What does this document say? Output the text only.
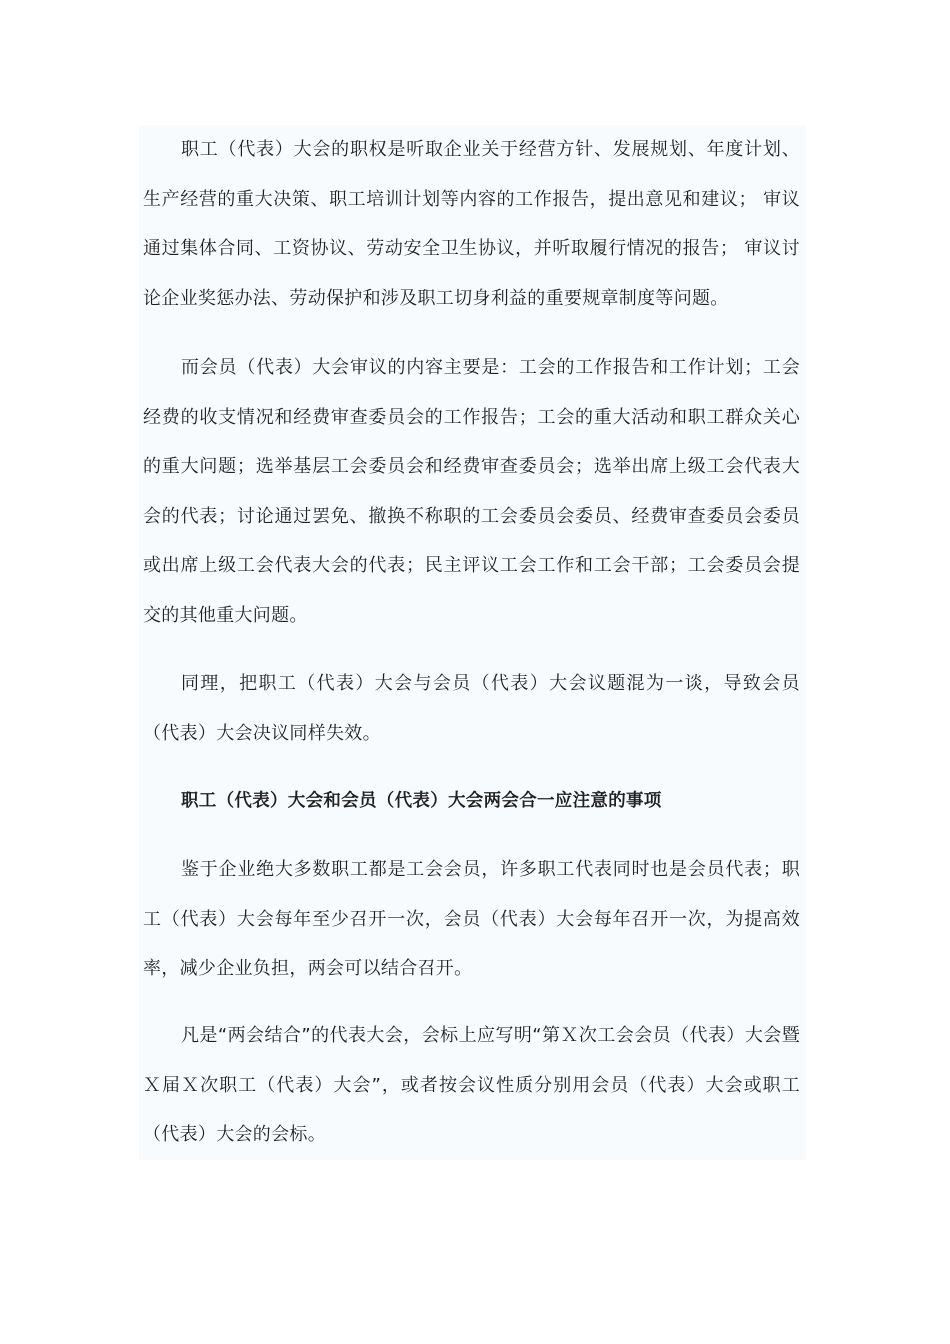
职工（代表）大会的职权是听取企业关于经营方针、发展规划、年度计划、生产经营的重大决策、职工培训计划等内容的工作报告，提出意见和建议； 审议通过集体合同、工资协议、劳动安全卫生协议，并听取履行情况的报告； 审议讨论企业奖惩办法、劳动保护和涉及职工切身利益的重要规章制度等问题。

而会员（代表）大会审议的内容主要是：工会的工作报告和工作计划；工会经费的收支情况和经费审查委员会的工作报告；工会的重大活动和职工群众关心的重大问题；选举基层工会委员会和经费审查委员会；选举出席上级工会代表大会的代表；讨论通过罢免、撤换不称职的工会委员会委员、经费审查委员会委员或出席上级工会代表大会的代表；民主评议工会工作和工会干部；工会委员会提交的其他重大问题。

同理，把职工（代表）大会与会员（代表）大会议题混为一谈，导致会员（代表）大会决议同样失效。

职工（代表）大会和会员（代表）大会两会合一应注意的事项

鉴于企业绝大多数职工都是工会会员，许多职工代表同时也是会员代表；职工（代表）大会每年至少召开一次，会员（代表）大会每年召开一次，为提高效率，减少企业负担，两会可以结合召开。

凡是“两会结合”的代表大会，会标上应写明“第Ｘ次工会会员（代表）大会暨Ｘ届Ｘ次职工（代表）大会”，或者按会议性质分别用会员（代表）大会或职工（代表）大会的会标。
